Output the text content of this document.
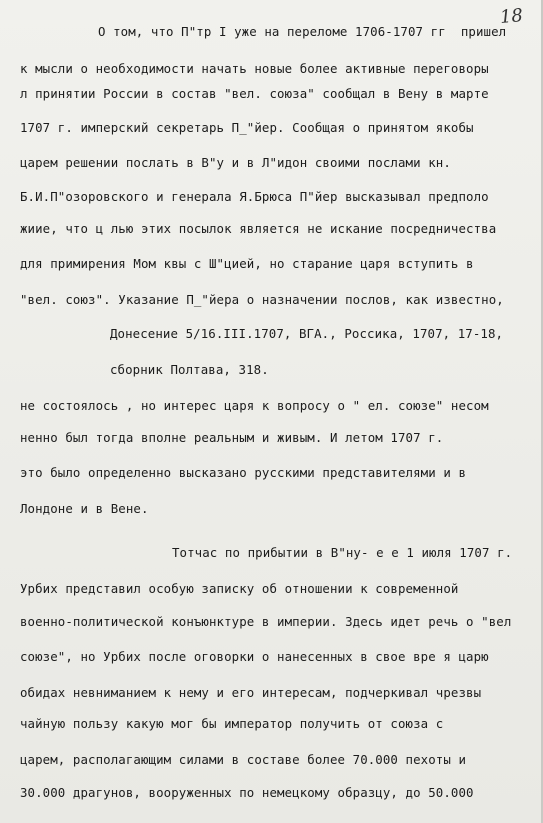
18
О том, что П"тр I уже на переломе 1706-1707 гг  пришел
к мысли о необходимости начать новые более активные переговоры
л принятии России в состав "вел. союза" сообщал в Вену в марте
1707 г. имперский секретарь П_"йер. Сообщая о принятом якобы
царем решении послать в В"у и в Л"идон своими послами кн.
Б.И.П"озоровского и генерала Я.Брюса П"йер высказывал предполо
жиие, что ц лью этих посылок является не искание посредничества
для примирения Мом квы с Ш"цией, но старание царя вступить в
"вел. союз". Указание П_"йера о назначении послов, как известно,
Донесение 5/16.III.1707, ВГА., Россика, 1707, 17-18,
сборник Полтава, 318.
не состоялось , но интерес царя к вопросу о " ел. союзе" несом
ненно был тогда вполне реальным и живым. И летом 1707 г.
это было определенно высказано русскими представителями и в
Лондоне и в Вене.
Тотчас по прибытии в В"ну- е е 1 июля 1707 г.
Урбих представил особую записку об отношении к современной
военно-политической конъюнктуре в империи. Здесь идет речь о "вел
союзе", но Урбих после оговорки о нанесенных в свое вре я царю
обидах невниманием к нему и его интересам, подчеркивал чрезвы
чайную пользу какую мог бы император получить от союза с
царем, располагающим силами в составе более 70.000 пехоты и
30.000 драгунов, вооруженных по немецкому образцу, до 50.000
